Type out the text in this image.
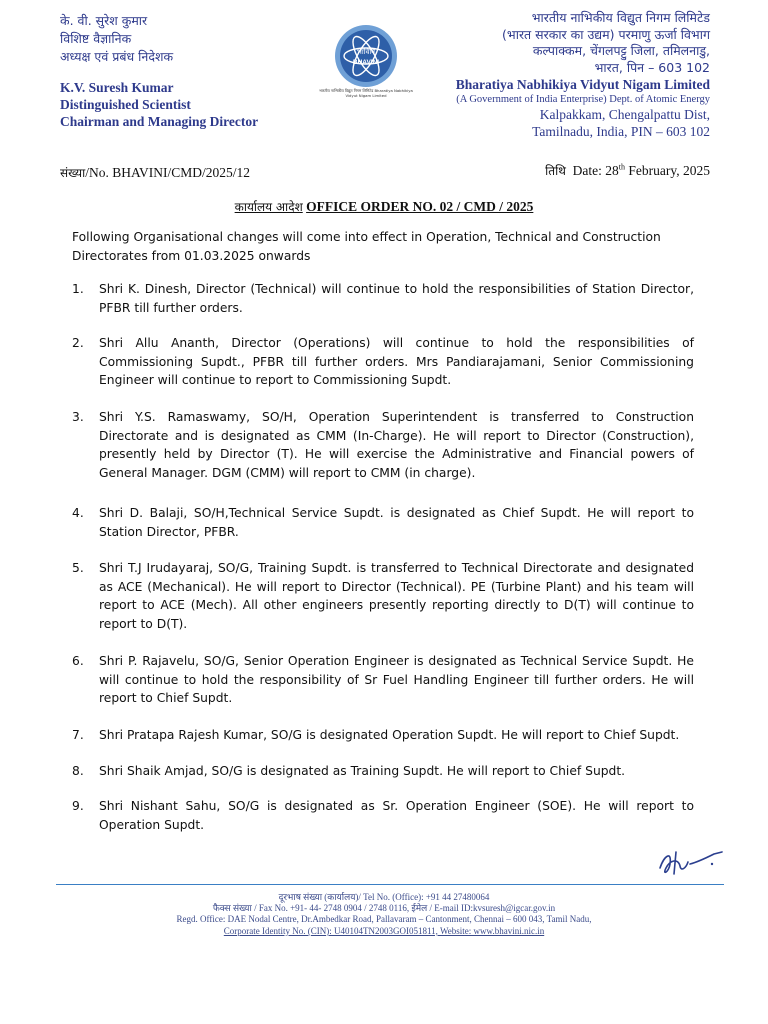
के. वी. सुरेश कुमार
विशिष्ट वैज्ञानिक
अध्यक्ष एवं प्रबंध निदेशक
K.V. Suresh Kumar
Distinguished Scientist
Chairman and Managing Director
भाविनि
BHAVINI
भारतीय नाभिकीय विद्युत निगम लिमिटेड Bharatiya Nabhikiya Vidyut Nigam Limited
भारतीय नाभिकीय विद्युत निगम लिमिटेड
(भारत सरकार का उद्यम) परमाणु ऊर्जा विभाग
कल्पाक्कम, चेंगलपट्टु जिला, तमिलनाडु,
भारत, पिन – 603 102
Bharatiya Nabhikiya Vidyut Nigam Limited
(A Government of India Enterprise) Dept. of Atomic Energy
Kalpakkam, Chengalpattu Dist,
Tamilnadu, India, PIN – 603 102
संख्या/No. BHAVINI/CMD/2025/12	तिथि Date: 28th February, 2025
कार्यालय आदेश OFFICE ORDER NO. 02 / CMD / 2025
Following Organisational changes will come into effect in Operation, Technical and Construction Directorates from 01.03.2025 onwards
1.	Shri K. Dinesh, Director (Technical) will continue to hold the responsibilities of Station Director, PFBR till further orders.
2.	Shri Allu Ananth, Director (Operations) will continue to hold the responsibilities of Commissioning Supdt., PFBR till further orders. Mrs Pandiarajamani, Senior Commissioning Engineer will continue to report to Commissioning Supdt.
3.	Shri Y.S. Ramaswamy, SO/H, Operation Superintendent is transferred to Construction Directorate and is designated as CMM (In-Charge). He will report to Director (Construction), presently held by Director (T). He will exercise the Administrative and Financial powers of General Manager. DGM (CMM) will report to CMM (in charge).
4.	Shri D. Balaji, SO/H,Technical Service Supdt. is designated as Chief Supdt. He will report to Station Director, PFBR.
5.	Shri T.J Irudayaraj, SO/G, Training Supdt. is transferred to Technical Directorate and designated as ACE (Mechanical). He will report to Director (Technical). PE (Turbine Plant) and his team will report to ACE (Mech). All other engineers presently reporting directly to D(T) will continue to report to D(T).
6.	Shri P. Rajavelu, SO/G, Senior Operation Engineer is designated as Technical Service Supdt. He will continue to hold the responsibility of Sr Fuel Handling Engineer till further orders. He will report to Chief Supdt.
7.	Shri Pratapa Rajesh Kumar, SO/G is designated Operation Supdt. He will report to Chief Supdt.
8.	Shri Shaik Amjad, SO/G is designated as Training Supdt. He will report to Chief Supdt.
9.	Shri Nishant Sahu, SO/G is designated as Sr. Operation Engineer (SOE). He will report to Operation Supdt.
दूरभाष संख्या (कार्यालय)/ Tel No. (Office): +91 44 27480064
फैक्स संख्या / Fax No. +91- 44- 2748 0904 / 2748 0116, ईमेल / E-mail ID:kvsuresh@igcar.gov.in
Regd. Office: DAE Nodal Centre, Dr.Ambedkar Road, Pallavaram – Cantonment, Chennai – 600 043, Tamil Nadu,
Corporate Identity No. (CIN): U40104TN2003GOI051811, Website: www.bhavini.nic.in
